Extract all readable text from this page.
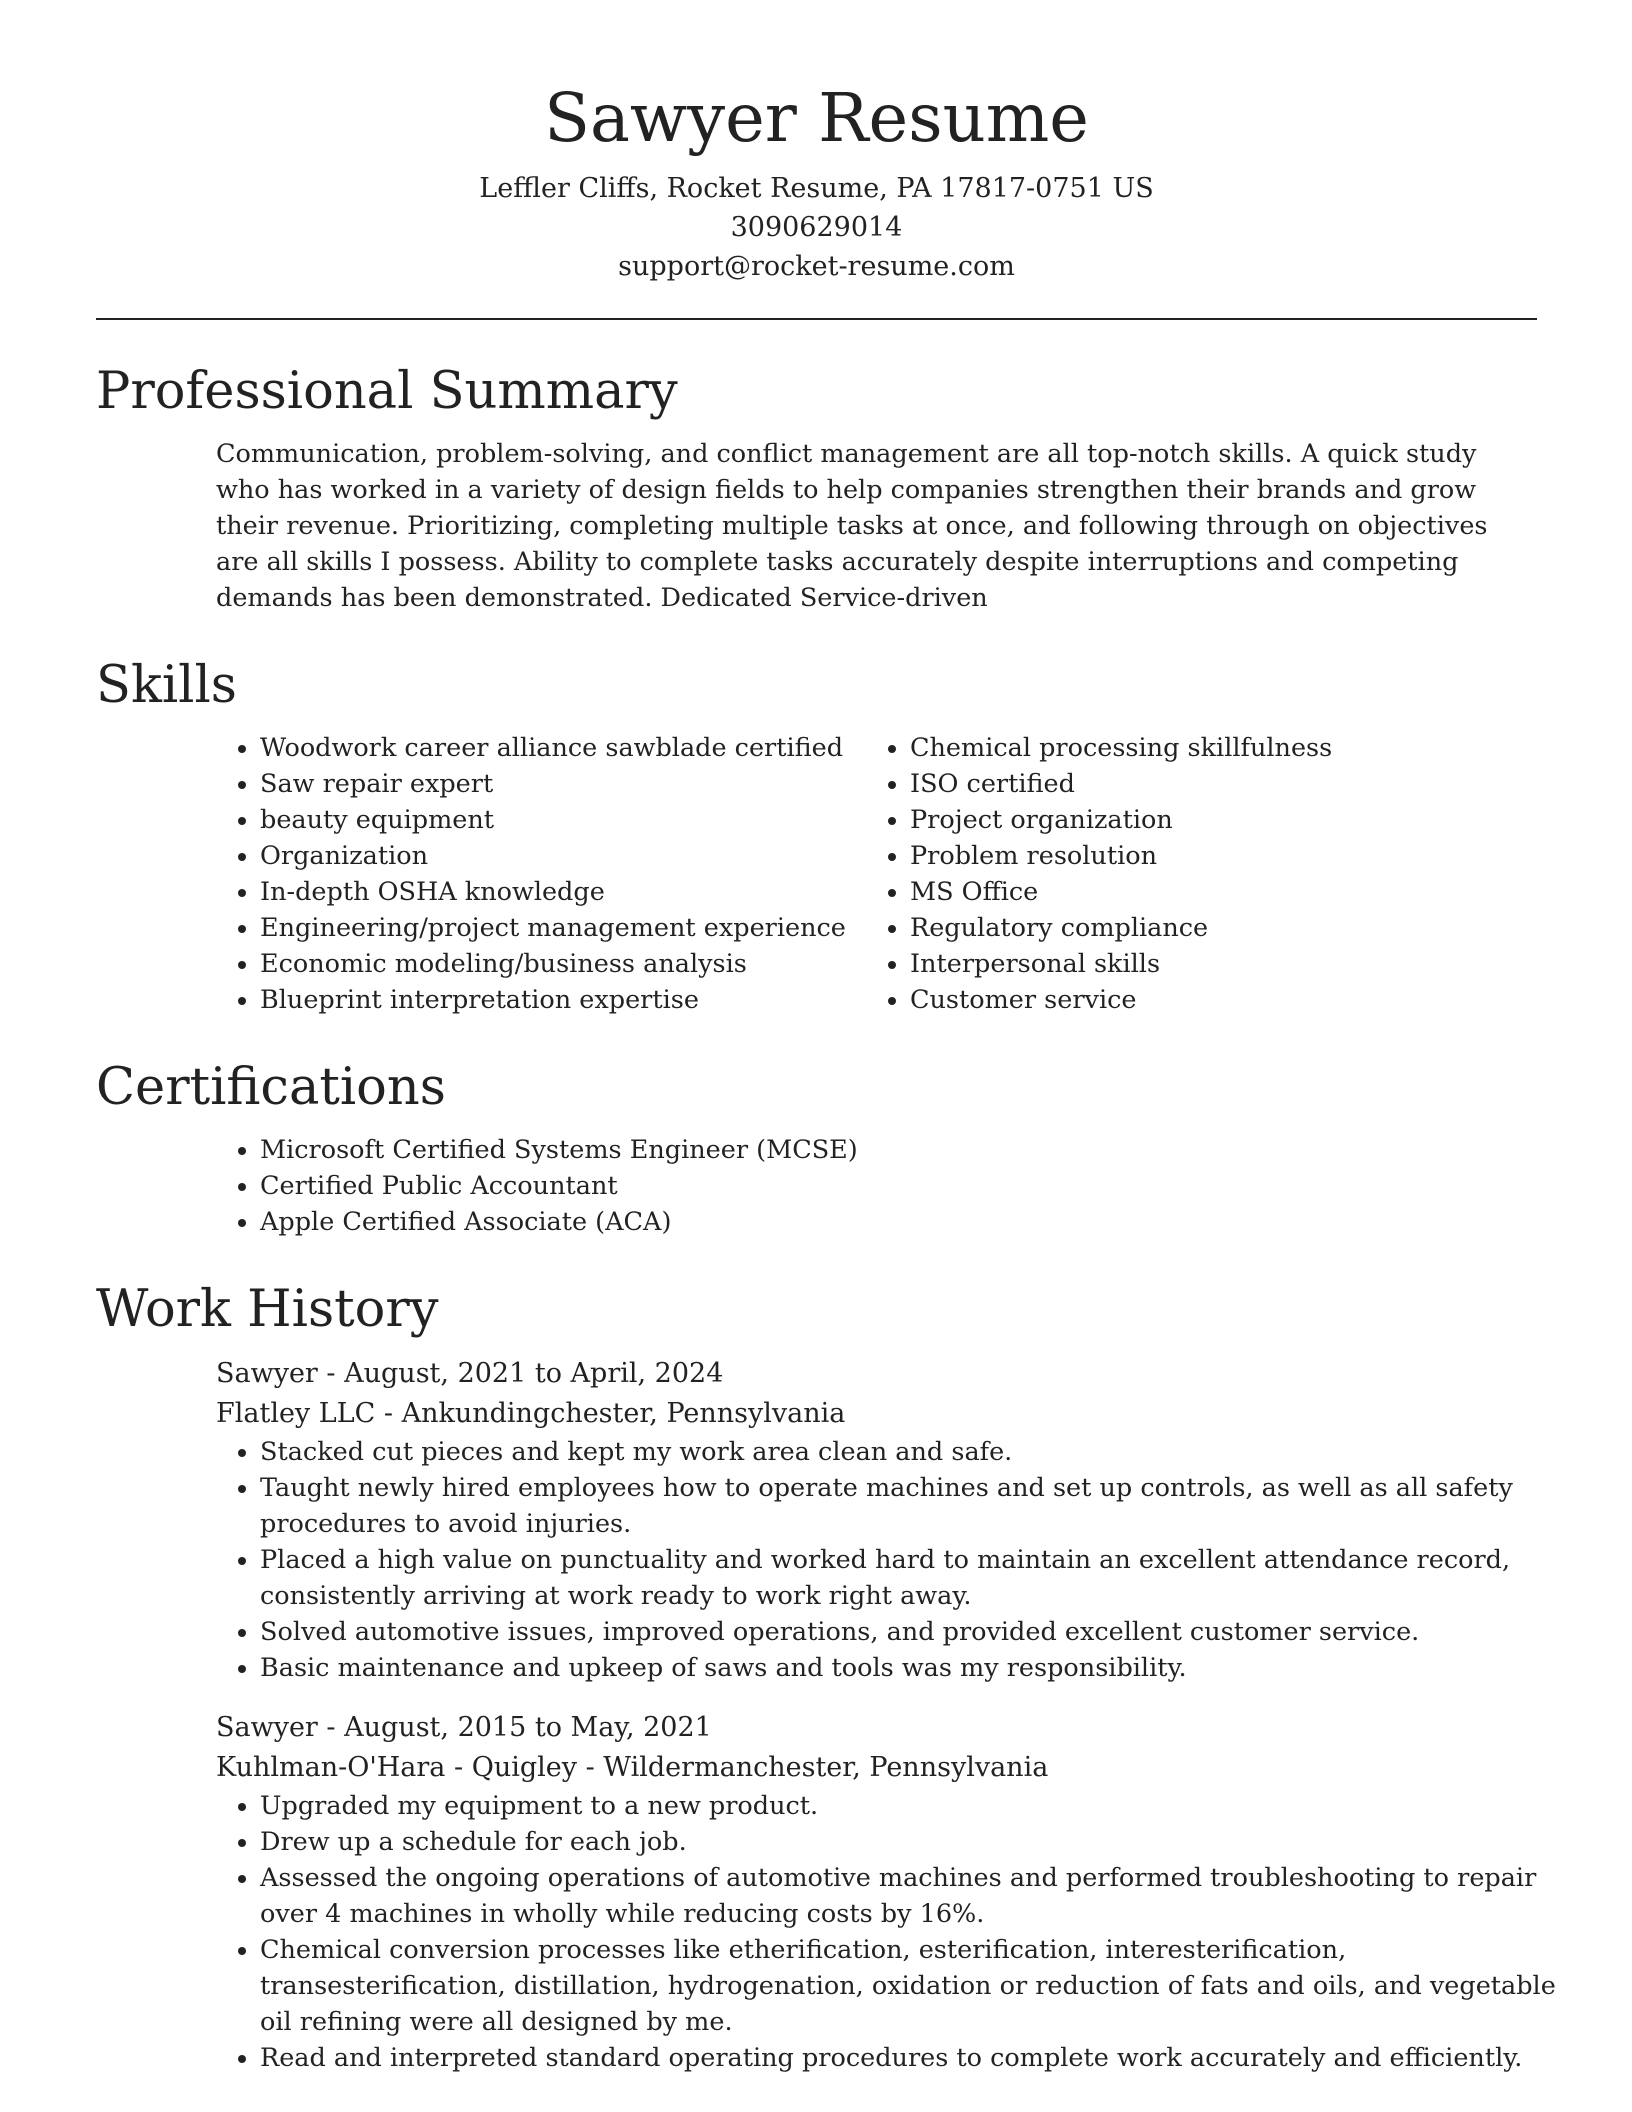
Sawyer Resume
Leffler Cliffs, Rocket Resume, PA 17817-0751 US
3090629014
support@rocket-resume.com
Professional Summary

Communication, problem-solving, and conflict management are all top-notch skills. A quick study who has worked in a variety of design fields to help companies strengthen their brands and grow their revenue. Prioritizing, completing multiple tasks at once, and following through on objectives are all skills I possess. Ability to complete tasks accurately despite interruptions and competing demands has been demonstrated. Dedicated Service-driven

Skills
• Woodwork career alliance sawblade certified
• Saw repair expert
• beauty equipment
• Organization
• In-depth OSHA knowledge
• Engineering/project management experience
• Economic modeling/business analysis
• Blueprint interpretation expertise
• Chemical processing skillfulness
• ISO certified
• Project organization
• Problem resolution
• MS Office
• Regulatory compliance
• Interpersonal skills
• Customer service
Certifications
• Microsoft Certified Systems Engineer (MCSE)
• Certified Public Accountant
• Apple Certified Associate (ACA)
Work History
Sawyer - August, 2021 to April, 2024
Flatley LLC - Ankundingchester, Pennsylvania
• Stacked cut pieces and kept my work area clean and safe.
• Taught newly hired employees how to operate machines and set up controls, as well as all safety procedures to avoid injuries.
• Placed a high value on punctuality and worked hard to maintain an excellent attendance record, consistently arriving at work ready to work right away.
• Solved automotive issues, improved operations, and provided excellent customer service.
• Basic maintenance and upkeep of saws and tools was my responsibility.
Sawyer - August, 2015 to May, 2021
Kuhlman-O'Hara - Quigley - Wildermanchester, Pennsylvania
• Upgraded my equipment to a new product.
• Drew up a schedule for each job.
• Assessed the ongoing operations of automotive machines and performed troubleshooting to repair over 4 machines in wholly while reducing costs by 16%.
• Chemical conversion processes like etherification, esterification, interesterification, transesterification, distillation, hydrogenation, oxidation or reduction of fats and oils, and vegetable oil refining were all designed by me.
• Read and interpreted standard operating procedures to complete work accurately and efficiently.
